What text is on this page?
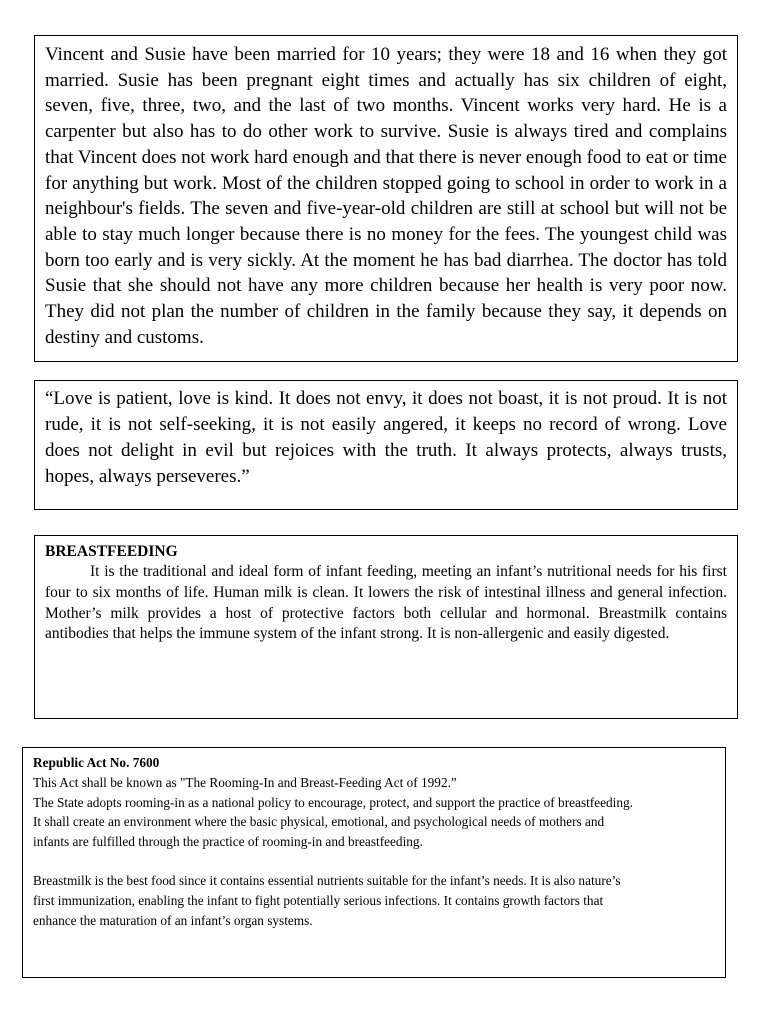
Vincent and Susie have been married for 10 years; they were 18 and 16 when they got married. Susie has been pregnant eight times and actually has six children of eight, seven, five, three, two, and the last of two months. Vincent works very hard. He is a carpenter but also has to do other work to survive. Susie is always tired and complains that Vincent does not work hard enough and that there is never enough food to eat or time for anything but work. Most of the children stopped going to school in order to work in a neighbour's fields. The seven and five-year-old children are still at school but will not be able to stay much longer because there is no money for the fees. The youngest child was born too early and is very sickly. At the moment he has bad diarrhea. The doctor has told Susie that she should not have any more children because her health is very poor now. They did not plan the number of children in the family because they say, it depends on destiny and customs.

“Love is patient, love is kind. It does not envy, it does not boast, it is not proud. It is not rude, it is not self-seeking, it is not easily angered, it keeps no record of wrong. Love does not delight in evil but rejoices with the truth. It always protects, always trusts, hopes, always perseveres.”

BREASTFEEDING

It is the traditional and ideal form of infant feeding, meeting an infant’s nutritional needs for his first four to six months of life. Human milk is clean. It lowers the risk of intestinal illness and general infection. Mother’s milk provides a host of protective factors both cellular and hormonal. Breastmilk contains antibodies that helps the immune system of the infant strong. It is non-allergenic and easily digested.

Republic Act No. 7600

This Act shall be known as "The Rooming-In and Breast-Feeding Act of 1992.”

The State adopts rooming-in as a national policy to encourage, protect, and support the practice of breastfeeding.

It shall create an environment where the basic physical, emotional, and psychological needs of mothers and

infants are fulfilled through the practice of rooming-in and breastfeeding.

Breastmilk is the best food since it contains essential nutrients suitable for the infant’s needs. It is also nature’s

first immunization, enabling the infant to fight potentially serious infections. It contains growth factors that

enhance the maturation of an infant’s organ systems.
